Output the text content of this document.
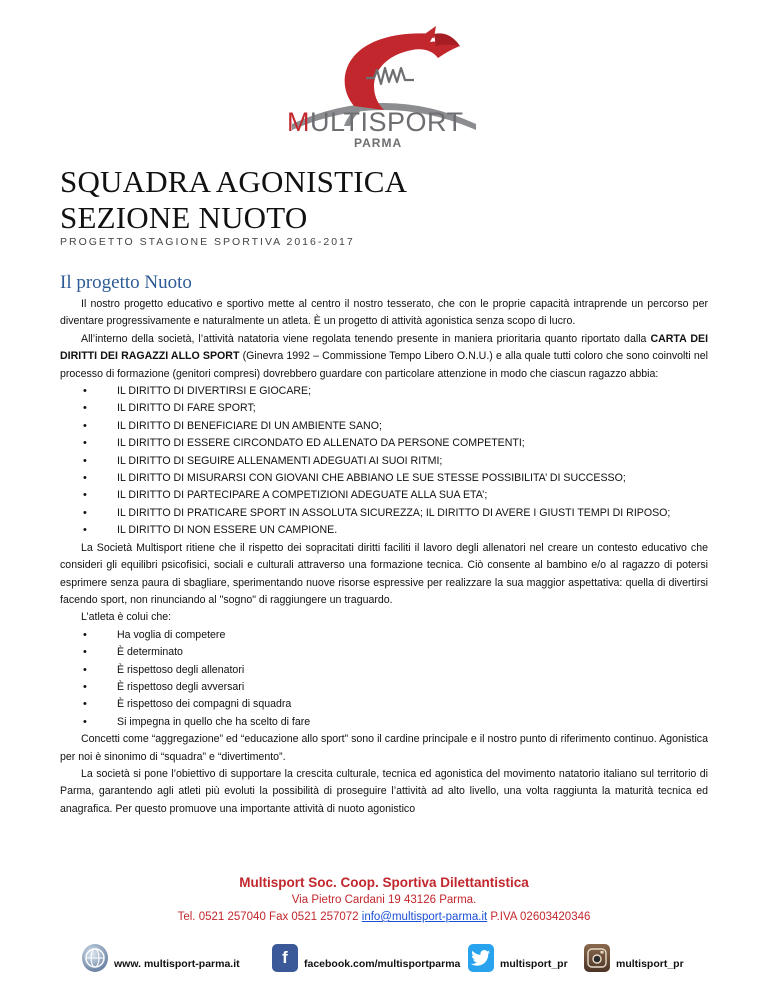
MULTISPORT
PARMA
SQUADRA AGONISTICA
SEZIONE NUOTO
PROGETTO STAGIONE SPORTIVA 2016-2017
Il progetto Nuoto

Il nostro progetto educativo e sportivo mette al centro il nostro tesserato, che con le proprie capacità intraprende un percorso per diventare progressivamente e naturalmente un atleta. È un progetto di attività agonistica senza scopo di lucro.

All’interno della società, l’attività natatoria viene regolata tenendo presente in maniera prioritaria quanto riportato dalla CARTA DEI DIRITTI DEI RAGAZZI ALLO SPORT (Ginevra 1992 – Commissione Tempo Libero O.N.U.) e alla quale tutti coloro che sono coinvolti nel processo di formazione (genitori compresi) dovrebbero guardare con particolare attenzione in modo che ciascun ragazzo abbia:

• IL DIRITTO DI DIVERTIRSI E GIOCARE;
• IL DIRITTO DI FARE SPORT;
• IL DIRITTO DI BENEFICIARE DI UN AMBIENTE SANO;
• IL DIRITTO DI ESSERE CIRCONDATO ED ALLENATO DA PERSONE COMPETENTI;
• IL DIRITTO DI SEGUIRE ALLENAMENTI ADEGUATI AI SUOI RITMI;
• IL DIRITTO DI MISURARSI CON GIOVANI CHE ABBIANO LE SUE STESSE POSSIBILITA’ DI SUCCESSO;
• IL DIRITTO DI PARTECIPARE A COMPETIZIONI ADEGUATE ALLA SUA ETA’;
• IL DIRITTO DI PRATICARE SPORT IN ASSOLUTA SICUREZZA; IL DIRITTO DI AVERE I GIUSTI TEMPI DI RIPOSO;
• IL DIRITTO DI NON ESSERE UN CAMPIONE.

La Società Multisport ritiene che il rispetto dei sopracitati diritti faciliti il lavoro degli allenatori nel creare un contesto educativo che consideri gli equilibri psicofisici, sociali e culturali attraverso una formazione tecnica. Ciò consente al bambino e/o al ragazzo di potersi esprimere senza paura di sbagliare, sperimentando nuove risorse espressive per realizzare la sua maggior aspettativa: quella di divertirsi facendo sport, non rinunciando al "sogno" di raggiungere un traguardo.

L’atleta è colui che:

• Ha voglia di competere
• È determinato
• È rispettoso degli allenatori
• È rispettoso degli avversari
• È rispettoso dei compagni di squadra
• Si impegna in quello che ha scelto di fare

Concetti come “aggregazione” ed “educazione allo sport” sono il cardine principale e il nostro punto di riferimento continuo. Agonistica per noi è sinonimo di “squadra” e “divertimento”.

La società si pone l’obiettivo di supportare la crescita culturale, tecnica ed agonistica del movimento natatorio italiano sul territorio di Parma, garantendo agli atleti più evoluti la possibilità di proseguire l’attività ad alto livello, una volta raggiunta la maturità tecnica ed anagrafica. Per questo promuove una importante attività di nuoto agonistico

Multisport Soc. Coop. Sportiva Dilettantistica
Via Pietro Cardani 19 43126 Parma.
Tel. 0521 257040 Fax 0521 257072 info@multisport-parma.it P.IVA 02603420346
www. multisport-parma.it	f	facebook.com/multisportparma	multisport_pr	multisport_pr
